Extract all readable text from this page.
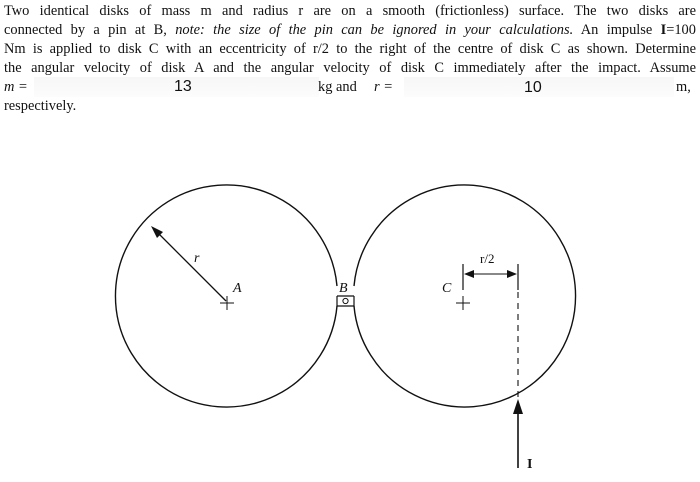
Two identical disks of mass m and radius r are on a smooth (frictionless) surface. The two disks are
connected by a pin at B, note: the size of the pin can be ignored in your calculations. An impulse I=100
Nm is applied to disk C with an eccentricity of r/2 to the right of the centre of disk C as shown. Determine
the angular velocity of disk A and the angular velocity of disk C immediately after the impact. Assume
m =	13	kg and r =	10	m,
respectively.
r
A	B	C
r/2
I
